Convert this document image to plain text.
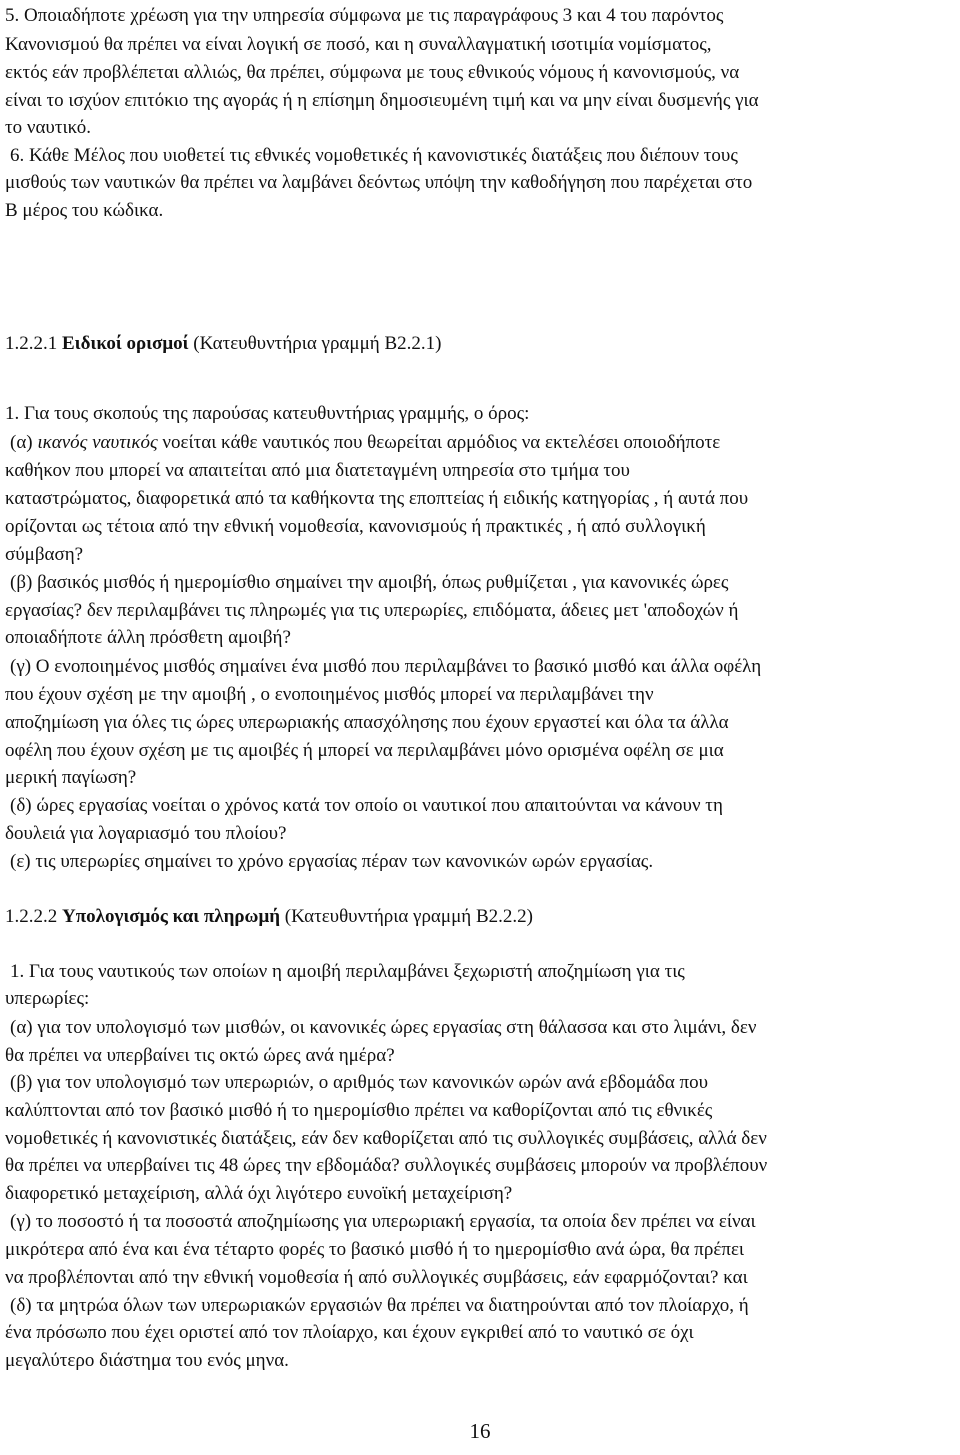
5. Οποιαδήποτε χρέωση για την υπηρεσία σύμφωνα με τις παραγράφους 3 και 4 του παρόντος
Κανονισμού θα πρέπει να είναι λογική σε ποσό, και η συναλλαγματική ισοτιμία νομίσματος,
εκτός εάν προβλέπεται αλλιώς, θα πρέπει, σύμφωνα με τους εθνικούς νόμους ή κανονισμούς, να
είναι το ισχύον επιτόκιο της αγοράς ή η επίσημη δημοσιευμένη τιμή και να μην είναι δυσμενής για
το ναυτικό.
6. Κάθε Μέλος που υιοθετεί τις εθνικές νομοθετικές ή κανονιστικές διατάξεις που διέπουν τους
μισθούς των ναυτικών θα πρέπει να λαμβάνει δεόντως υπόψη την καθοδήγηση που παρέχεται στο
Β μέρος του κώδικα.
1.2.2.1 Ειδικοί ορισμοί (Κατευθυντήρια γραμμή Β2.2.1)
1. Για τους σκοπούς της παρούσας κατευθυντήριας γραμμής, ο όρος:
(α) ικανός ναυτικός νοείται κάθε ναυτικός που θεωρείται αρμόδιος να εκτελέσει οποιοδήποτε
καθήκον που μπορεί να απαιτείται από μια διατεταγμένη υπηρεσία στο τμήμα του
καταστρώματος, διαφορετικά από τα καθήκοντα της εποπτείας ή ειδικής κατηγορίας , ή αυτά που
ορίζονται ως τέτοια από την εθνική νομοθεσία, κανονισμούς ή πρακτικές , ή από συλλογική
σύμβαση?
(β) βασικός μισθός ή ημερομίσθιο σημαίνει την αμοιβή, όπως ρυθμίζεται , για κανονικές ώρες
εργασίας? δεν περιλαμβάνει τις πληρωμές για τις υπερωρίες, επιδόματα, άδειες μετ 'αποδοχών ή
οποιαδήποτε άλλη πρόσθετη αμοιβή?
(γ) Ο ενοποιημένος μισθός σημαίνει ένα μισθό που περιλαμβάνει το βασικό μισθό και άλλα οφέλη
που έχουν σχέση με την αμοιβή , ο ενοποιημένος μισθός μπορεί να περιλαμβάνει την
αποζημίωση για όλες τις ώρες υπερωριακής απασχόλησης που έχουν εργαστεί και όλα τα άλλα
οφέλη που έχουν σχέση με τις αμοιβές ή μπορεί να περιλαμβάνει μόνο ορισμένα οφέλη σε μια
μερική παγίωση?
(δ) ώρες εργασίας νοείται ο χρόνος κατά τον οποίο οι ναυτικοί που απαιτούνται να κάνουν τη
δουλειά για λογαριασμό του πλοίου?
(ε) τις υπερωρίες σημαίνει το χρόνο εργασίας πέραν των κανονικών ωρών εργασίας.
1.2.2.2 Υπολογισμός και πληρωμή (Κατευθυντήρια γραμμή Β2.2.2)
1. Για τους ναυτικούς των οποίων η αμοιβή περιλαμβάνει ξεχωριστή αποζημίωση για τις
υπερωρίες:
(α) για τον υπολογισμό των μισθών, οι κανονικές ώρες εργασίας στη θάλασσα και στο λιμάνι, δεν
θα πρέπει να υπερβαίνει τις οκτώ ώρες ανά ημέρα?
(β) για τον υπολογισμό των υπερωριών, ο αριθμός των κανονικών ωρών ανά εβδομάδα που
καλύπτονται από τον βασικό μισθό ή το ημερομίσθιο πρέπει να καθορίζονται από τις εθνικές
νομοθετικές ή κανονιστικές διατάξεις, εάν δεν καθορίζεται από τις συλλογικές συμβάσεις, αλλά δεν
θα πρέπει να υπερβαίνει τις 48 ώρες την εβδομάδα? συλλογικές συμβάσεις μπορούν να προβλέπουν
διαφορετικό μεταχείριση, αλλά όχι λιγότερο ευνοϊκή μεταχείριση?
(γ) το ποσοστό ή τα ποσοστά αποζημίωσης για υπερωριακή εργασία, τα οποία δεν πρέπει να είναι
μικρότερα από ένα και ένα τέταρτο φορές το βασικό μισθό ή το ημερομίσθιο ανά ώρα, θα πρέπει
να προβλέπονται από την εθνική νομοθεσία ή από συλλογικές συμβάσεις, εάν εφαρμόζονται? και
(δ) τα μητρώα όλων των υπερωριακών εργασιών θα πρέπει να διατηρούνται από τον πλοίαρχο, ή
ένα πρόσωπο που έχει οριστεί από τον πλοίαρχο, και έχουν εγκριθεί από το ναυτικό σε όχι
μεγαλύτερο διάστημα του ενός μηνα.
16
